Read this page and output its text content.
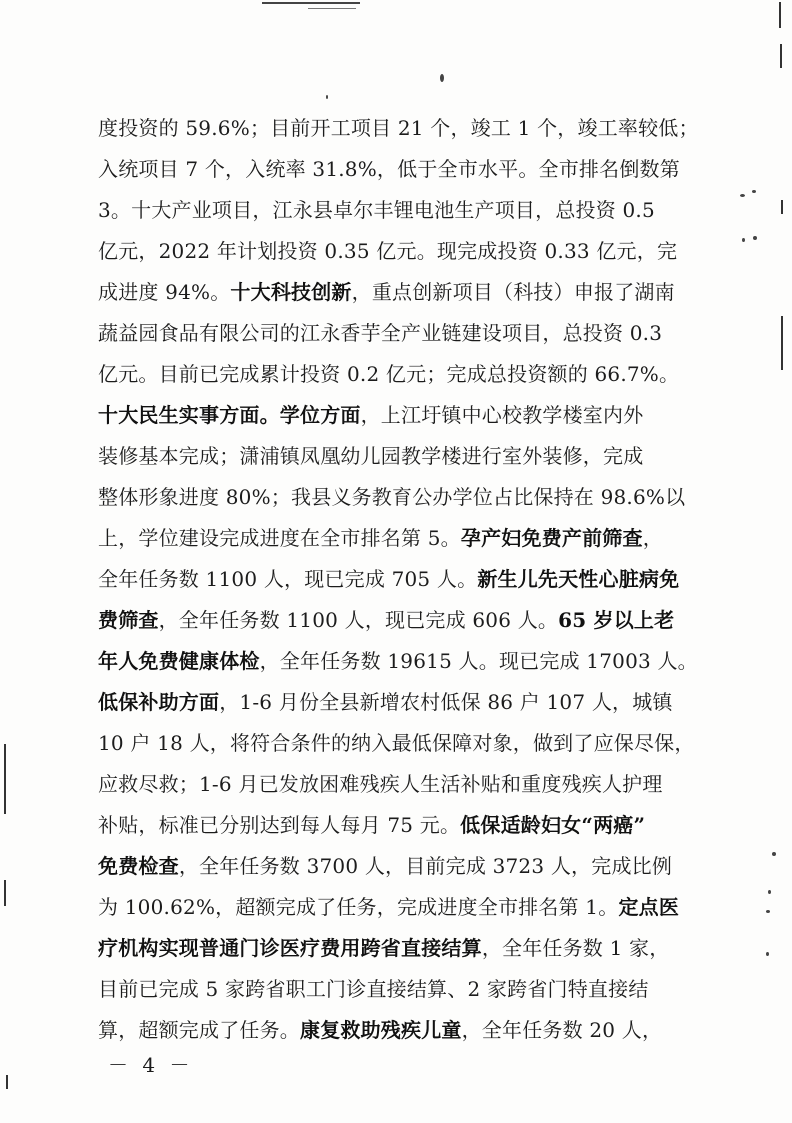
度投资的 59.6%；目前开工项目 21 个，竣工 1 个，竣工率较低；
入统项目 7 个，入统率 31.8%，低于全市水平。全市排名倒数第
3。十大产业项目，江永县卓尔丰锂电池生产项目，总投资 0.5
亿元，2022 年计划投资 0.35 亿元。现完成投资 0.33 亿元，完
成进度 94%。十大科技创新，重点创新项目（科技）申报了湖南
蔬益园食品有限公司的江永香芋全产业链建设项目，总投资 0.3
亿元。目前已完成累计投资 0.2 亿元；完成总投资额的 66.7%。
十大民生实事方面。学位方面，上江圩镇中心校教学楼室内外
装修基本完成；潇浦镇凤凰幼儿园教学楼进行室外装修，完成
整体形象进度 80%；我县义务教育公办学位占比保持在 98.6%以
上，学位建设完成进度在全市排名第 5。孕产妇免费产前筛查，
全年任务数 1100 人，现已完成 705 人。新生儿先天性心脏病免
费筛查，全年任务数 1100 人，现已完成 606 人。65 岁以上老
年人免费健康体检，全年任务数 19615 人。现已完成 17003 人。
低保补助方面，1-6 月份全县新增农村低保 86 户 107 人，城镇
10 户 18 人，将符合条件的纳入最低保障对象，做到了应保尽保，
应救尽救；1-6 月已发放困难残疾人生活补贴和重度残疾人护理
补贴，标准已分别达到每人每月 75 元。低保适龄妇女“两癌”
免费检查，全年任务数 3700 人，目前完成 3723 人，完成比例
为 100.62%，超额完成了任务，完成进度全市排名第 1。定点医
疗机构实现普通门诊医疗费用跨省直接结算，全年任务数 1 家，
目前已完成 5 家跨省职工门诊直接结算、2 家跨省门特直接结
算，超额完成了任务。康复救助残疾儿童，全年任务数 20 人，
－ 4 －
